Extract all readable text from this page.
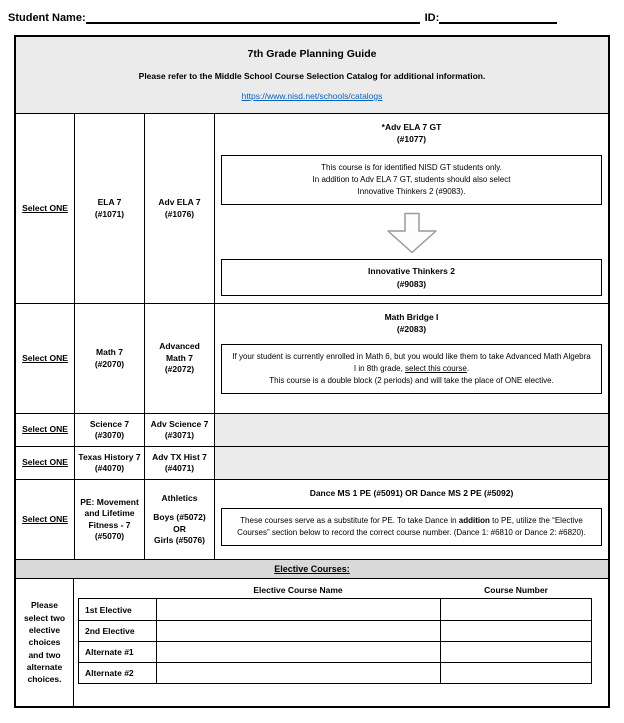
Student Name:	ID:
7th Grade Planning Guide
Please refer to the Middle School Course Selection Catalog for additional information.
https://www.nisd.net/schools/catalogs
Select ONE
ELA 7
(#1071)
Adv ELA 7
(#1076)
*Adv ELA 7 GT
(#1077)
This course is for identified NISD GT students only.
In addition to Adv ELA 7 GT, students should also select
Innovative Thinkers 2 (#9083).
Innovative Thinkers 2
(#9083)
Select ONE
Math 7
(#2070)
Advanced
Math 7
(#2072)
Math Bridge I
(#2083)
If your student is currently enrolled in Math 6, but you would like them to take Advanced Math Algebra I in 8th grade, select this course.
This course is a double block (2 periods) and will take the place of ONE elective.
Select ONE
Science 7
(#3070)
Adv Science 7
(#3071)
Select ONE
Texas History 7
(#4070)
Adv TX Hist 7
(#4071)
Select ONE
PE: Movement and Lifetime Fitness - 7
(#5070)
Athletics
Boys (#5072)
OR
Girls (#5076)
Dance MS 1 PE (#5091) OR Dance MS 2 PE (#5092)
These courses serve as a substitute for PE. To take Dance in addition to PE, utilize the “Elective Courses” section below to record the correct course number. (Dance 1: #6810 or Dance 2: #6820).
Elective Courses:
Please select two elective choices and two alternate choices.
Elective Course Name	Course Number
1st Elective
2nd Elective
Alternate #1
Alternate #2
